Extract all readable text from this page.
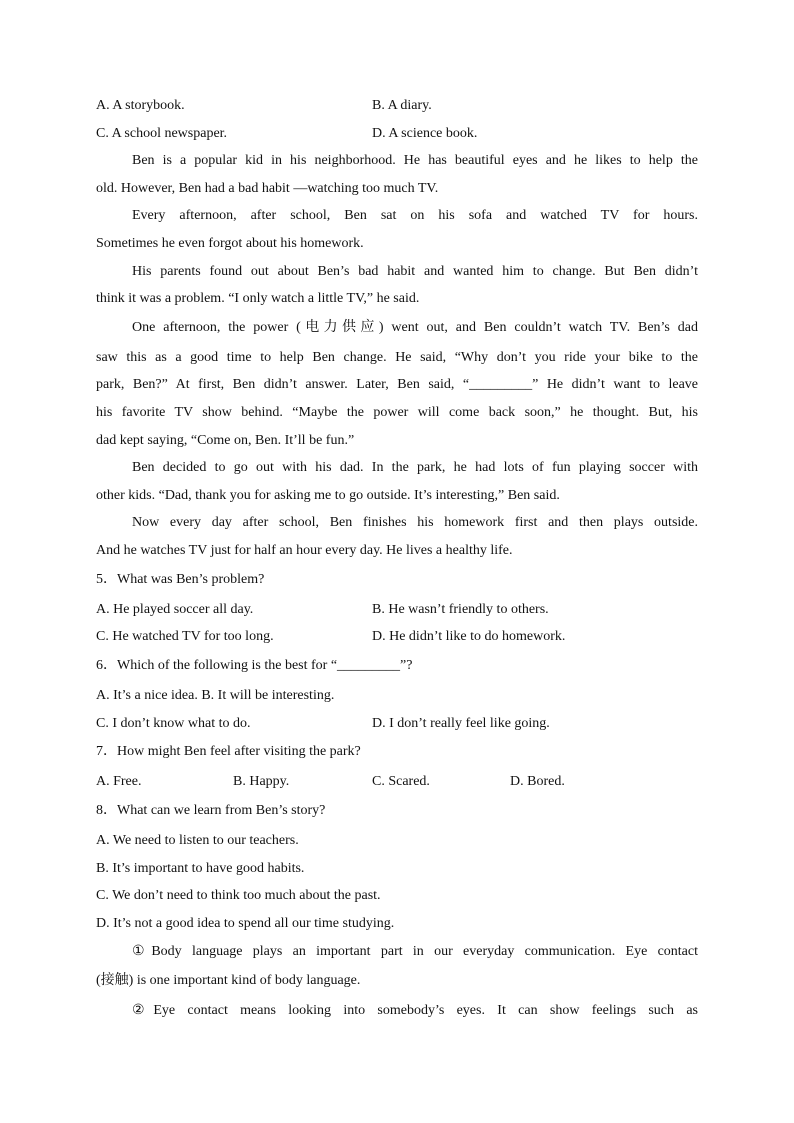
A. A storybook.	B. A diary.
C. A school newspaper.	D. A science book.
Ben is a popular kid in his neighborhood. He has beautiful eyes and he likes to help the
old. However, Ben had a bad habit —watching too much TV.
Every afternoon, after school, Ben sat on his sofa and watched TV for hours.
Sometimes he even forgot about his homework.
His parents found out about Ben’s bad habit and wanted him to change. But Ben didn’t
think it was a problem. “I only watch a little TV,” he said.
One afternoon, the power (电力供应) went out, and Ben couldn’t watch TV. Ben’s dad
saw this as a good time to help Ben change. He said, “Why don’t you ride your bike to the
park, Ben?” At first, Ben didn’t answer. Later, Ben said, “_________” He didn’t want to leave
his favorite TV show behind. “Maybe the power will come back soon,” he thought. But, his
dad kept saying, “Come on, Ben. It’ll be fun.”
Ben decided to go out with his dad. In the park, he had lots of fun playing soccer with
other kids. “Dad, thank you for asking me to go outside. It’s interesting,” Ben said.
Now every day after school, Ben finishes his homework first and then plays outside.
And he watches TV just for half an hour every day. He lives a healthy life.
5．What was Ben’s problem?
A. He played soccer all day.	B. He wasn’t friendly to others.
C. He watched TV for too long.	D. He didn’t like to do homework.
6．Which of the following is the best for “_________”?
A. It’s a nice idea. B. It will be interesting.
C. I don’t know what to do.	D. I don’t really feel like going.
7．How might Ben feel after visiting the park?
A. Free.	B. Happy.	C. Scared.	D. Bored.
8．What can we learn from Ben’s story?
A. We need to listen to our teachers.
B. It’s important to have good habits.
C. We don’t need to think too much about the past.
D. It’s not a good idea to spend all our time studying.
①Body language plays an important part in our everyday communication. Eye contact
(接触) is one important kind of body language.
②Eye contact means looking into somebody’s eyes. It can show feelings such as
